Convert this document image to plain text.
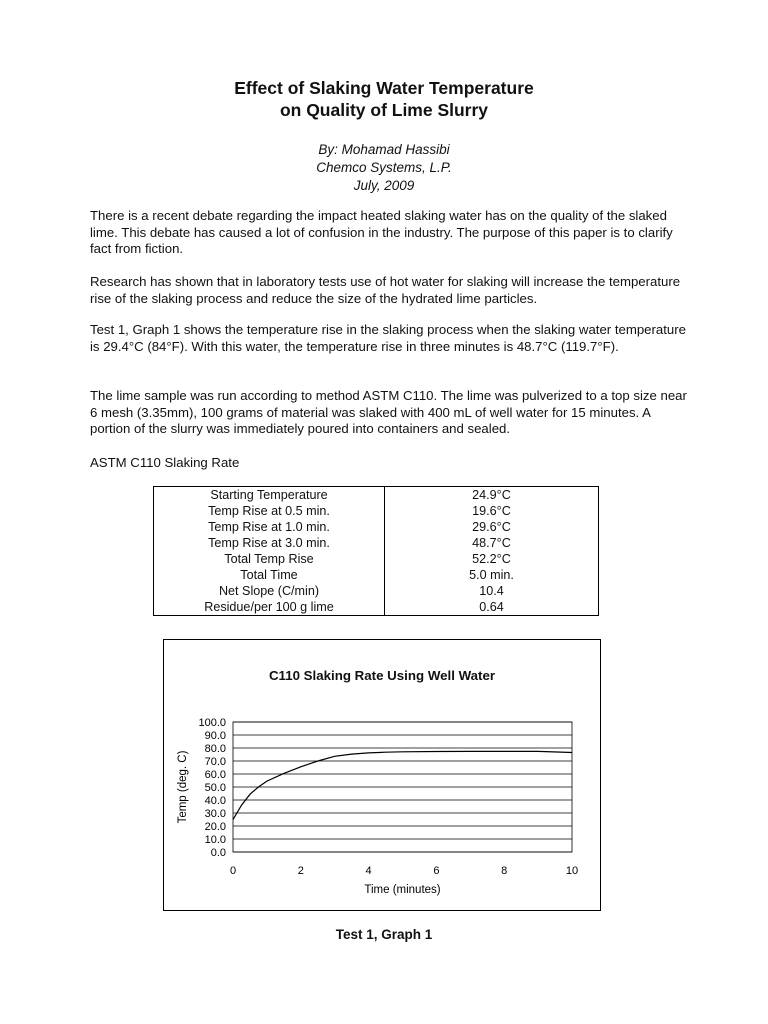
Effect of Slaking Water Temperature
on Quality of Lime Slurry
By: Mohamad Hassibi
Chemco Systems, L.P.
July, 2009

There is a recent debate regarding the impact heated slaking water has on the quality of the slaked lime. This debate has caused a lot of confusion in the industry. The purpose of this paper is to clarify fact from fiction.

Research has shown that in laboratory tests use of hot water for slaking will increase the temperature rise of the slaking process and reduce the size of the hydrated lime particles.

Test 1, Graph 1 shows the temperature rise in the slaking process when the slaking water temperature is 29.4°C (84°F). With this water, the temperature rise in three minutes is 48.7°C (119.7°F).

The lime sample was run according to method ASTM C110. The lime was pulverized to a top size near 6 mesh (3.35mm), 100 grams of material was slaked with 400 mL of well water for 15 minutes. A portion of the slurry was immediately poured into containers and sealed.

ASTM C110 Slaking Rate
Starting Temperature	24.9°C
Temp Rise at 0.5 min.	19.6°C
Temp Rise at 1.0 min.	29.6°C
Temp Rise at 3.0 min.	48.7°C
Total Temp Rise	52.2°C
Total Time	5.0 min.
Net Slope (C/min)	10.4
Residue/per 100 g lime	0.64
C110 Slaking Rate Using Well Water
0.0
10.0
20.0
30.0
40.0
50.0
60.0
70.0
80.0
90.0
100.0
0	2	4	6	8	10
Time (minutes)
Temp (deg. C)
Test 1, Graph 1
